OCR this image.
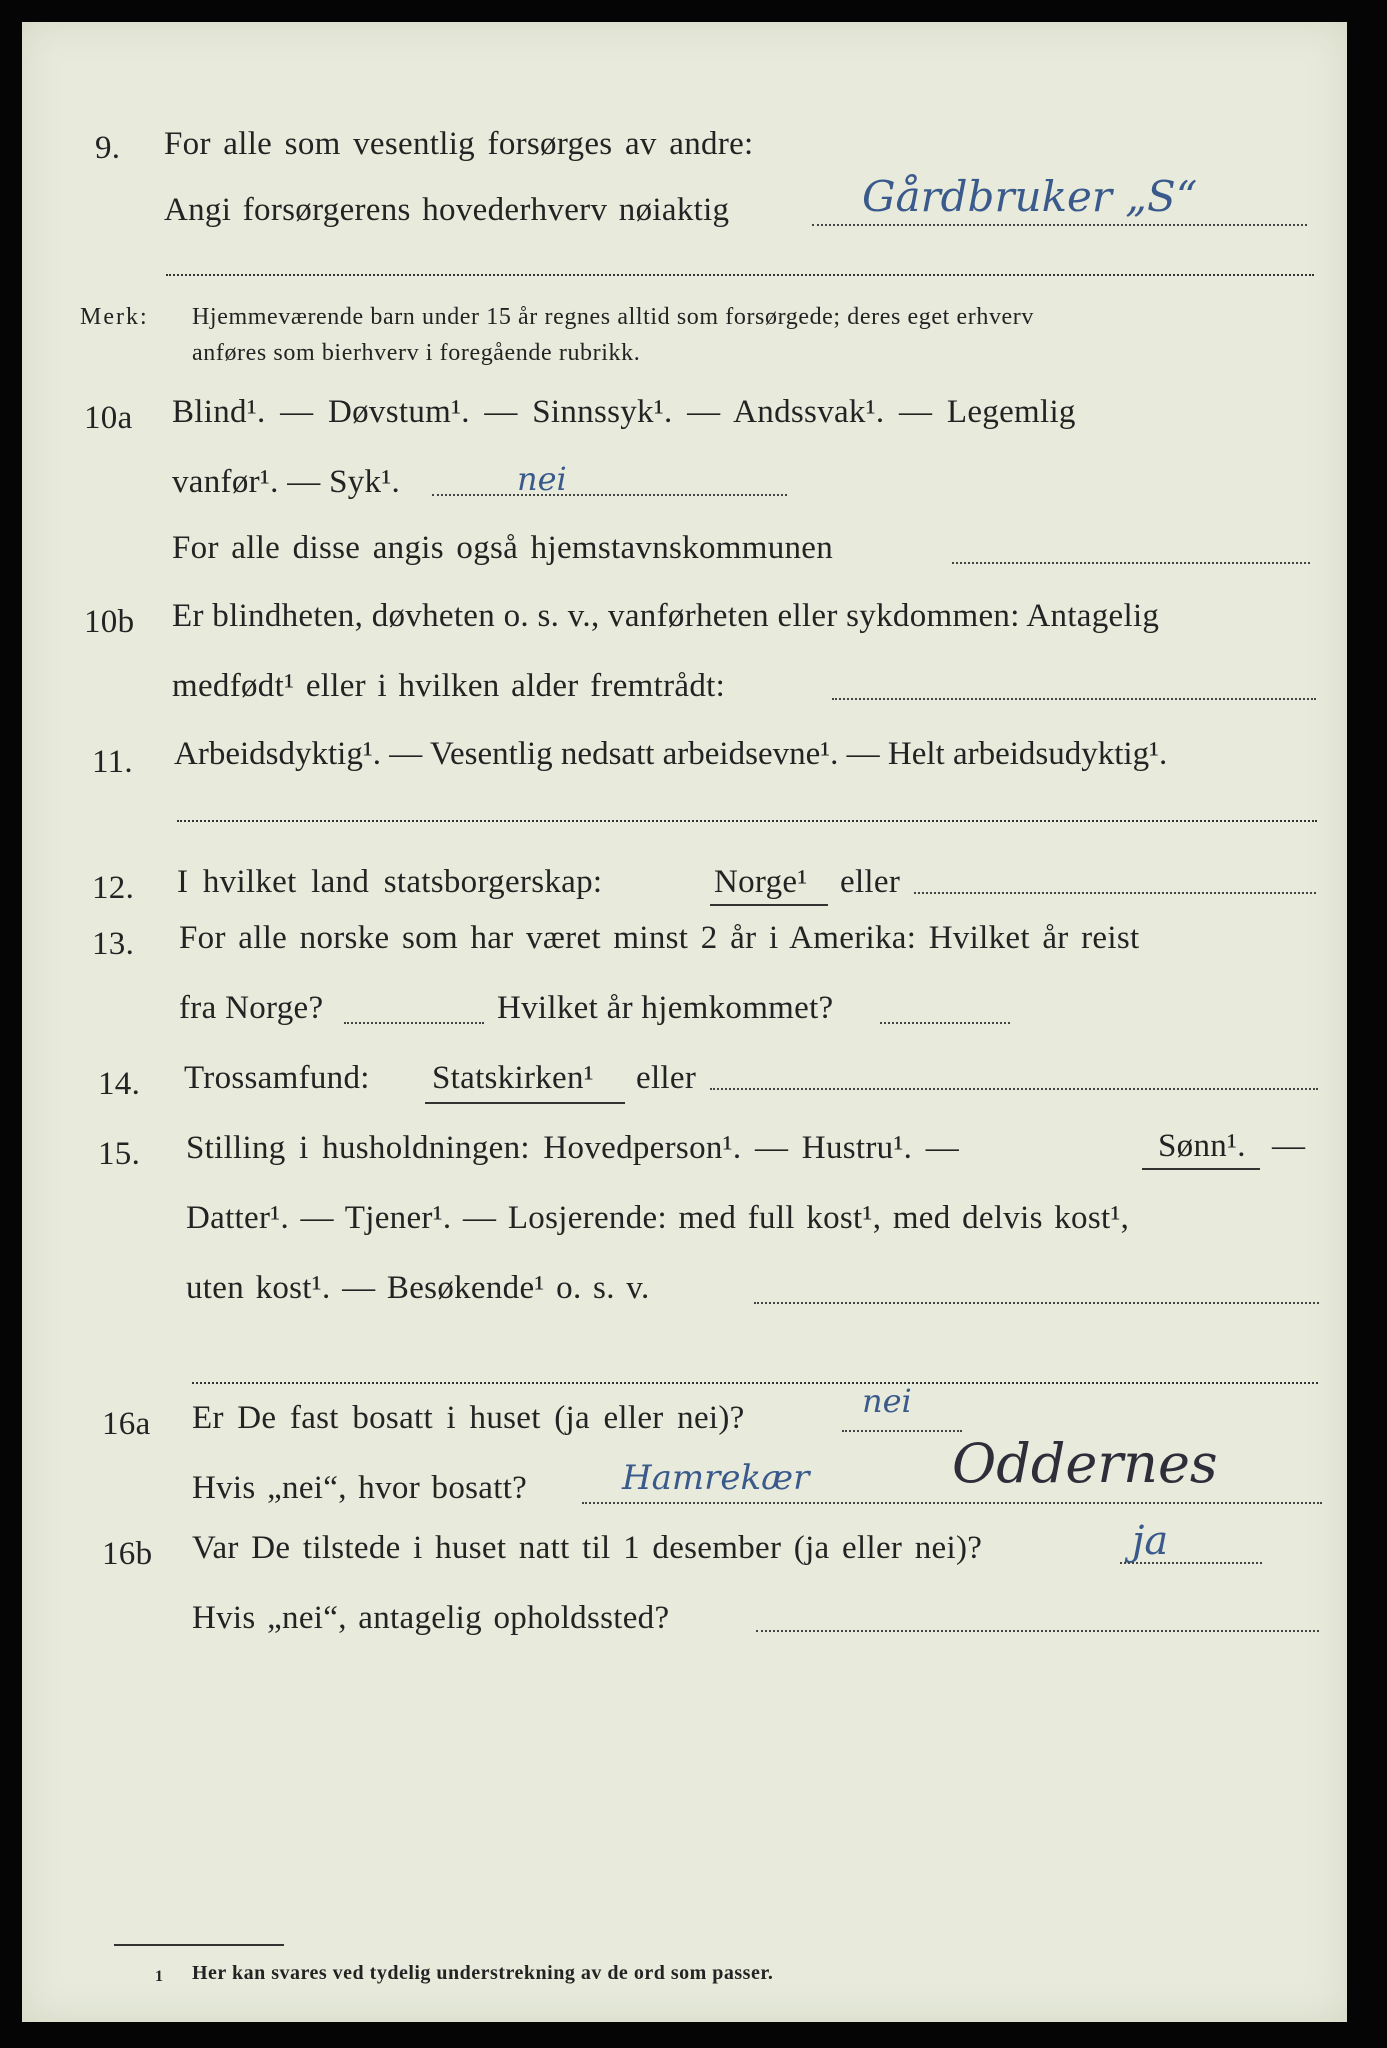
9. For alle som vesentlig forsørges av andre:
Angi forsørgerens hovederhverv nøiaktig	Gårdbruker „S“
Merk: Hjemmeværende barn under 15 år regnes alltid som forsørgede; deres eget erhverv
anføres som bierhverv i foregående rubrikk.
10a Blind¹. — Døvstum¹. — Sinnssyk¹. — Andssvak¹. — Legemlig
vanfør¹. — Syk¹.	nei
For alle disse angis også hjemstavnskommunen
10b Er blindheten, døvheten o. s. v., vanførheten eller sykdommen: Antagelig
medfødt¹ eller i hvilken alder fremtrådt:
11. Arbeidsdyktig¹. — Vesentlig nedsatt arbeidsevne¹. — Helt arbeidsudyktig¹.
12. I hvilket land statsborgerskap:	Norge¹ eller
13. For alle norske som har været minst 2 år i Amerika: Hvilket år reist
fra Norge?	Hvilket år hjemkommet?
14. Trossamfund: Statskirken¹ eller
15. Stilling i husholdningen: Hovedperson¹. — Hustru¹. —	Sønn¹. —
Datter¹. — Tjener¹. — Losjerende: med full kost¹, med delvis kost¹,
uten kost¹. — Besøkende¹ o. s. v.
16a Er De fast bosatt i huset (ja eller nei)?	nei
Hvis „nei“, hvor bosatt?	Hamrekær	Oddernes
16b Var De tilstede i huset natt til 1 desember (ja eller nei)?	ja
Hvis „nei“, antagelig opholdssted?
1 Her kan svares ved tydelig understrekning av de ord som passer.
